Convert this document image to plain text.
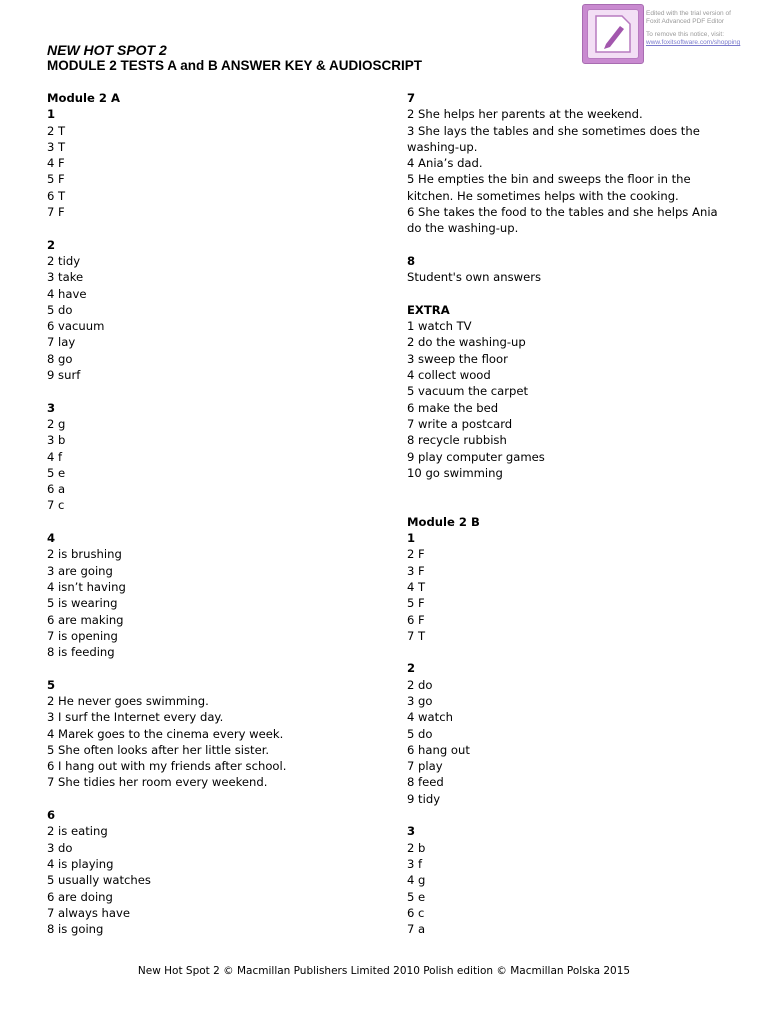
NEW HOT SPOT 2
MODULE 2 TESTS A and B ANSWER KEY & AUDIOSCRIPT
Edited with the trial version of
Foxit Advanced PDF Editor
To remove this notice, visit:
www.foxitsoftware.com/shopping
Module 2 A
1
2 T
3 T
4 F
5 F
6 T
7 F
2
2 tidy
3 take
4 have
5 do
6 vacuum
7 lay
8 go
9 surf
3
2 g
3 b
4 f
5 e
6 a
7 c
4
2 is brushing
3 are going
4 isn’t having
5 is wearing
6 are making
7 is opening
8 is feeding
5
2 He never goes swimming.
3 I surf the Internet every day.
4 Marek goes to the cinema every week.
5 She often looks after her little sister.
6 I hang out with my friends after school.
7 She tidies her room every weekend.
6
2 is eating
3 do
4 is playing
5 usually watches
6 are doing
7 always have
8 is going
7
2 She helps her parents at the weekend.
3 She lays the tables and she sometimes does the washing-up.
4 Ania’s dad.
5 He empties the bin and sweeps the floor in the kitchen. He sometimes helps with the cooking.
6 She takes the food to the tables and she helps Ania do the washing-up.
8
Student's own answers
EXTRA
1 watch TV
2 do the washing-up
3 sweep the floor
4 collect wood
5 vacuum the carpet
6 make the bed
7 write a postcard
8 recycle rubbish
9 play computer games
10 go swimming
Module 2 B
1
2 F
3 F
4 T
5 F
6 F
7 T
2
2 do
3 go
4 watch
5 do
6 hang out
7 play
8 feed
9 tidy
3
2 b
3 f
4 g
5 e
6 c
7 a
New Hot Spot 2 © Macmillan Publishers Limited 2010 Polish edition © Macmillan Polska 2015
